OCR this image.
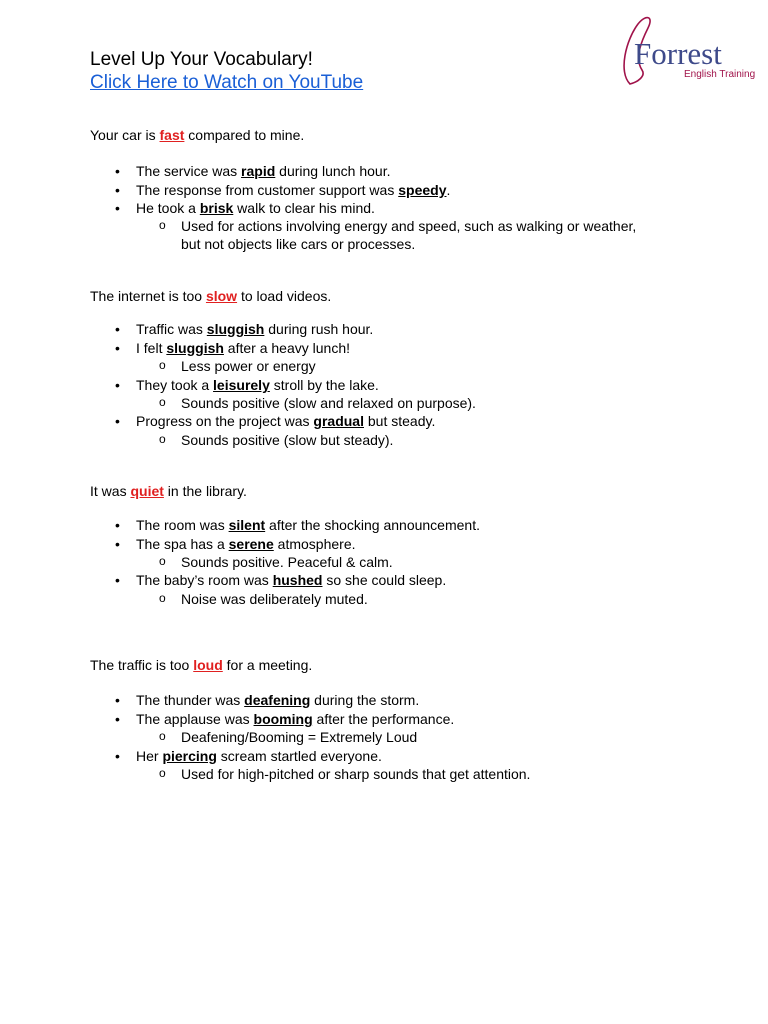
Level Up Your Vocabulary!
Click Here to Watch on YouTube
Forrest
English Training
Your car is fast compared to mine.
• The service was rapid during lunch hour.
• The response from customer support was speedy.
• He took a brisk walk to clear his mind.
o Used for actions involving energy and speed, such as walking or weather,
but not objects like cars or processes.
The internet is too slow to load videos.
• Traffic was sluggish during rush hour.
• I felt sluggish after a heavy lunch!
o Less power or energy
• They took a leisurely stroll by the lake.
o Sounds positive (slow and relaxed on purpose).
• Progress on the project was gradual but steady.
o Sounds positive (slow but steady).
It was quiet in the library.
• The room was silent after the shocking announcement.
• The spa has a serene atmosphere.
o Sounds positive. Peaceful & calm.
• The baby’s room was hushed so she could sleep.
o Noise was deliberately muted.
The traffic is too loud for a meeting.
• The thunder was deafening during the storm.
• The applause was booming after the performance.
o Deafening/Booming = Extremely Loud
• Her piercing scream startled everyone.
o Used for high-pitched or sharp sounds that get attention.
